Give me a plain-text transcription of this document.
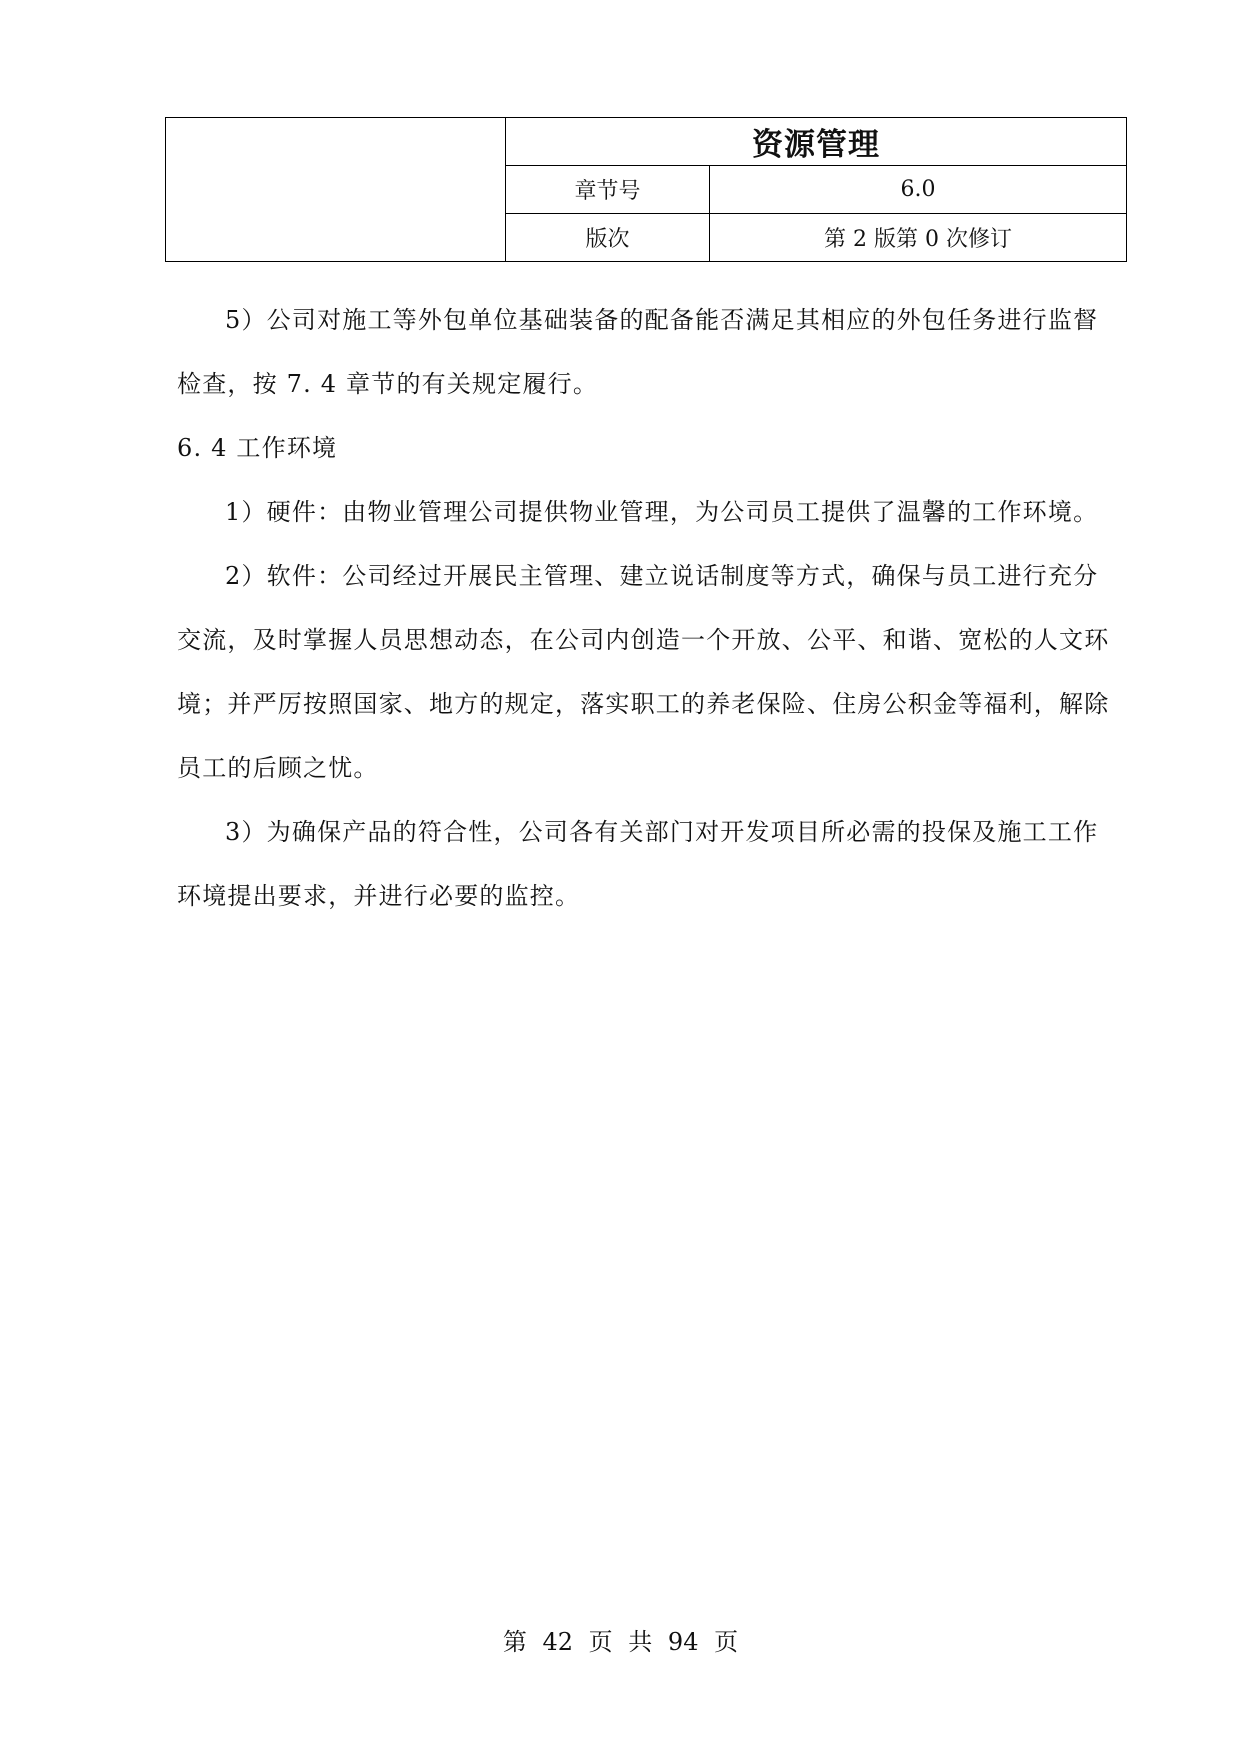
	资源管理	
	章节号	6.0
	版次	第 2 版第 0 次修订

5）公司对施工等外包单位基础装备的配备能否满足其相应的外包任务进行监督检查，按 7. 4 章节的有关规定履行。

6. 4 工作环境

1）硬件：由物业管理公司提供物业管理，为公司员工提供了温馨的工作环境。

2）软件：公司经过开展民主管理、建立说话制度等方式，确保与员工进行充分交流，及时掌握人员思想动态，在公司内创造一个开放、公平、和谐、宽松的人文环境；并严厉按照国家、地方的规定，落实职工的养老保险、住房公积金等福利，解除员工的后顾之忧。

3）为确保产品的符合性，公司各有关部门对开发项目所必需的投保及施工工作环境提出要求，并进行必要的监控。

第 42 页 共 94 页
